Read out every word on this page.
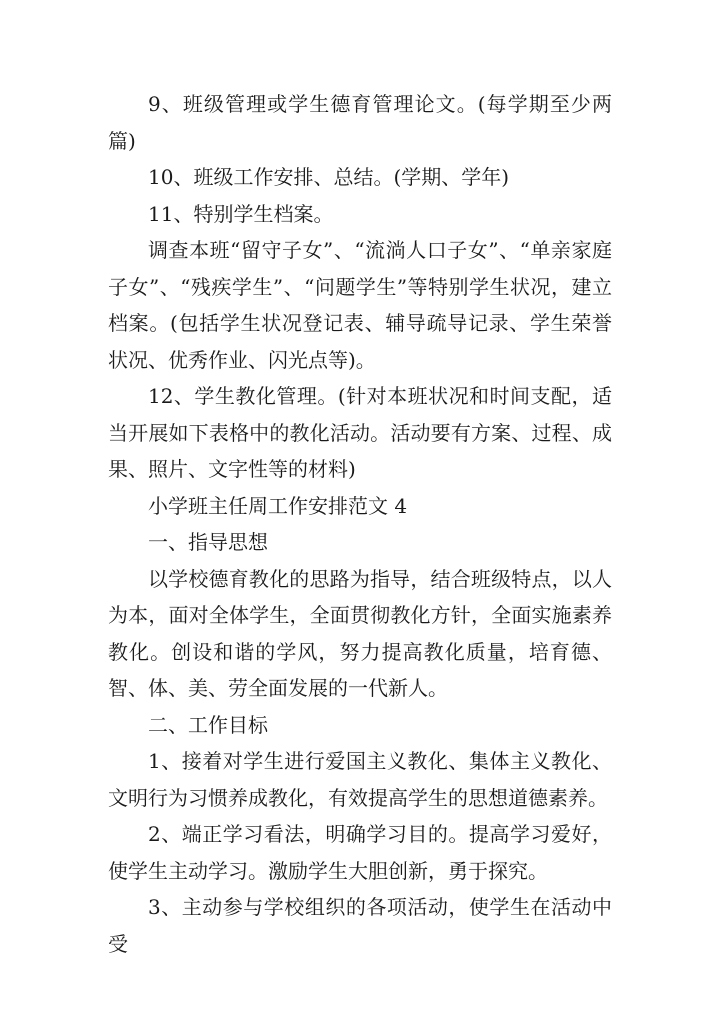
9、班级管理或学生德育管理论文。(每学期至少两篇)

10、班级工作安排、总结。(学期、学年)

11、特别学生档案。

调查本班“留守子女”、“流淌人口子女”、“单亲家庭子女”、“残疾学生”、“问题学生”等特别学生状况，建立档案。(包括学生状况登记表、辅导疏导记录、学生荣誉状况、优秀作业、闪光点等)。

12、学生教化管理。(针对本班状况和时间支配，适当开展如下表格中的教化活动。活动要有方案、过程、成果、照片、文字性等的材料)

小学班主任周工作安排范文 4

一、指导思想

以学校德育教化的思路为指导，结合班级特点，以人为本，面对全体学生，全面贯彻教化方针，全面实施素养教化。创设和谐的学风，努力提高教化质量，培育德、智、体、美、劳全面发展的一代新人。

二、工作目标

1、接着对学生进行爱国主义教化、集体主义教化、文明行为习惯养成教化，有效提高学生的思想道德素养。

2、端正学习看法，明确学习目的。提高学习爱好，使学生主动学习。激励学生大胆创新，勇于探究。

3、主动参与学校组织的各项活动，使学生在活动中受
